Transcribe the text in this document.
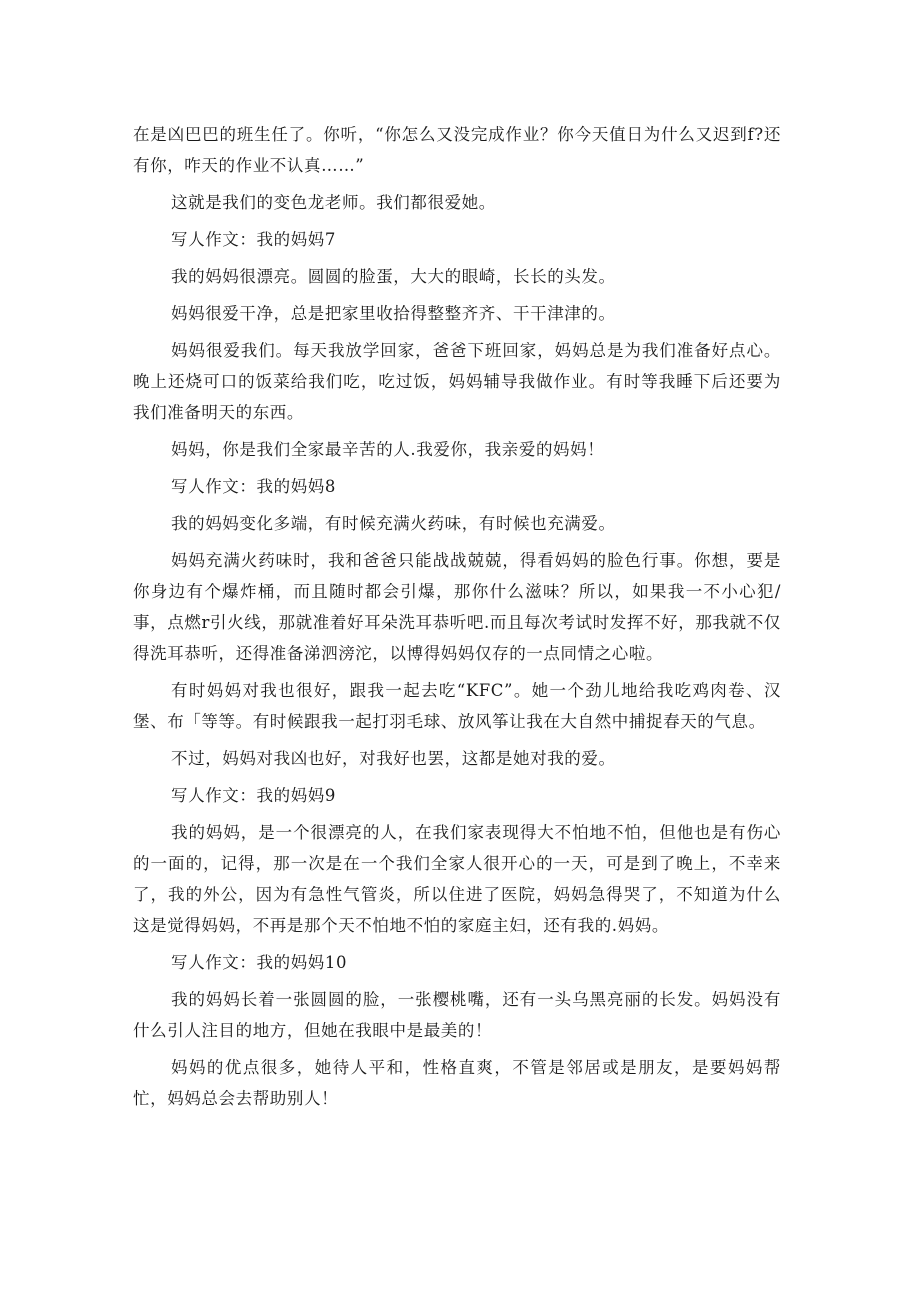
在是凶巴巴的班生任了。你听，“你怎么又没完成作业？你今天值日为什么又迟到f?还有你，咋天的作业不认真……”

这就是我们的变色龙老师。我们都很爱她。

写人作文：我的妈妈7

我的妈妈很漂亮。圆圆的脸蛋，大大的眼崎，长长的头发。

妈妈很爱干净，总是把家里收拾得整整齐齐、干干津津的。

妈妈很爱我们。每天我放学回家，爸爸下班回家，妈妈总是为我们准备好点心。晚上还烧可口的饭菜给我们吃，吃过饭，妈妈辅导我做作业。有时等我睡下后还要为我们准备明天的东西。

妈妈，你是我们全家最辛苦的人.我爱你，我亲爱的妈妈！

写人作文：我的妈妈8

我的妈妈变化多端，有时候充满火药味，有时候也充满爱。

妈妈充满火药味时，我和爸爸只能战战兢兢，得看妈妈的脸色行事。你想，要是你身边有个爆炸桶，而且随时都会引爆，那你什么滋味？所以，如果我一不小心犯/事，点燃r引火线，那就准着好耳朵洗耳恭听吧.而且每次考试时发挥不好，那我就不仅得洗耳恭听，还得准备涕泗滂沱，以博得妈妈仅存的一点同情之心啦。

有时妈妈对我也很好，跟我一起去吃“KFC”。她一个劲儿地给我吃鸡肉卷、汉堡、布「等等。有时候跟我一起打羽毛球、放风筝让我在大自然中捕捉春天的气息。

不过，妈妈对我凶也好，对我好也罢，这都是她对我的爱。

写人作文：我的妈妈9

我的妈妈，是一个很漂亮的人，在我们家表现得大不怕地不怕，但他也是有伤心的一面的，记得，那一次是在一个我们全家人很开心的一天，可是到了晚上，不幸来了，我的外公，因为有急性气管炎，所以住进了医院，妈妈急得哭了，不知道为什么这是觉得妈妈，不再是那个天不怕地不怕的家庭主妇，还有我的.妈妈。

写人作文：我的妈妈10

我的妈妈长着一张圆圆的脸，一张樱桃嘴，还有一头乌黑亮丽的长发。妈妈没有什么引人注目的地方，但她在我眼中是最美的！

妈妈的优点很多，她待人平和，性格直爽，不管是邻居或是朋友，是要妈妈帮忙，妈妈总会去帮助别人！
